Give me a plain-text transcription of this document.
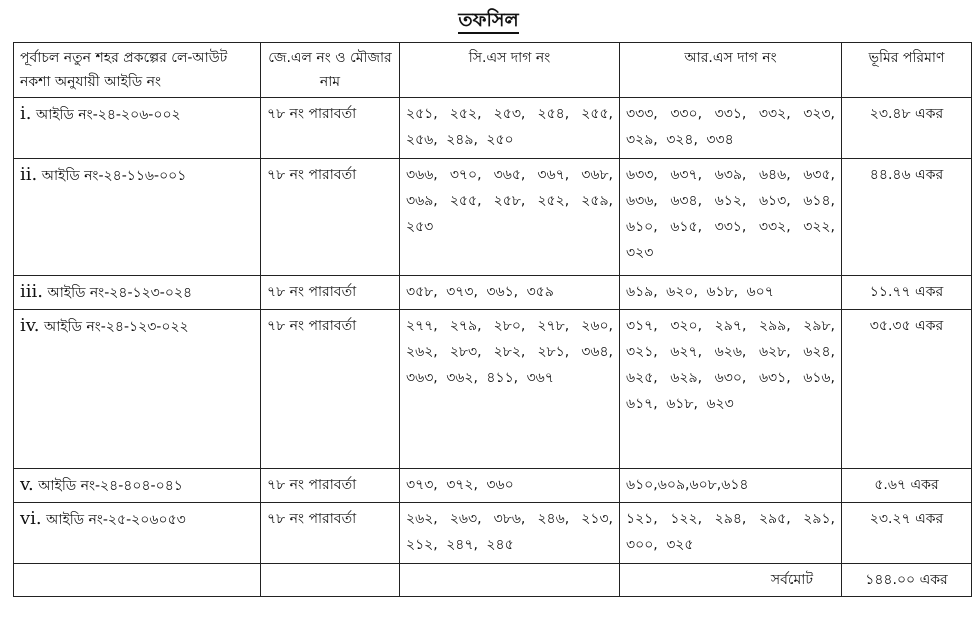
তফসিল
পূর্বাচল নতুন শহর প্রকল্পের লে-আউট নকশা অনুযায়ী আইডি নং	জে.এল নং ও মৌজার নাম	সি.এস দাগ নং	আর.এস দাগ নং	ভূমির পরিমাণ
i. আইডি নং-২৪-২০৬-০০২	৭৮ নং পারাবর্তা	২৫১, ২৫২, ২৫৩, ২৫৪, ২৫৫, ২৫৬, ২৪৯, ২৫০	৩৩৩, ৩৩০, ৩৩১, ৩৩২, ৩২৩, ৩২৯, ৩২৪, ৩৩৪	২৩.৪৮ একর
ii. আইডি নং-২৪-১১৬-০০১	৭৮ নং পারাবর্তা	৩৬৬, ৩৭০, ৩৬৫, ৩৬৭, ৩৬৮, ৩৬৯, ২৫৫, ২৫৮, ২৫২, ২৫৯, ২৫৩	৬৩৩, ৬৩৭, ৬৩৯, ৬৪৬, ৬৩৫, ৬৩৬, ৬৩৪, ৬১২, ৬১৩, ৬১৪, ৬১০, ৬১৫, ৩৩১, ৩৩২, ৩২২, ৩২৩	৪৪.৪৬ একর
iii. আইডি নং-২৪-১২৩-০২৪	৭৮ নং পারাবর্তা	৩৫৮, ৩৭৩, ৩৬১, ৩৫৯	৬১৯, ৬২০, ৬১৮, ৬০৭	১১.৭৭ একর
iv. আইডি নং-২৪-১২৩-০২২	৭৮ নং পারাবর্তা	২৭৭, ২৭৯, ২৮০, ২৭৮, ২৬০, ২৬২, ২৮৩, ২৮২, ২৮১, ৩৬৪, ৩৬৩, ৩৬২, ৪১১, ৩৬৭	৩১৭, ৩২০, ২৯৭, ২৯৯, ২৯৮, ৩২১, ৬২৭, ৬২৬, ৬২৮, ৬২৪, ৬২৫, ৬২৯, ৬৩০, ৬৩১, ৬১৬, ৬১৭, ৬১৮, ৬২৩	৩৫.৩৫ একর
v. আইডি নং-২৪-৪০৪-০৪১	৭৮ নং পারাবর্তা	৩৭৩, ৩৭২, ৩৬০	৬১০,৬০৯,৬০৮,৬১৪	৫.৬৭ একর
vi. আইডি নং-২৫-২০৬০৫৩	৭৮ নং পারাবর্তা	২৬২, ২৬৩, ৩৮৬, ২৪৬, ২১৩, ২১২, ২৪৭, ২৪৫	১২১, ১২২, ২৯৪, ২৯৫, ২৯১, ৩০০, ৩২৫	২৩.২৭ একর
			সর্বমোট	১৪৪.০০ একর
